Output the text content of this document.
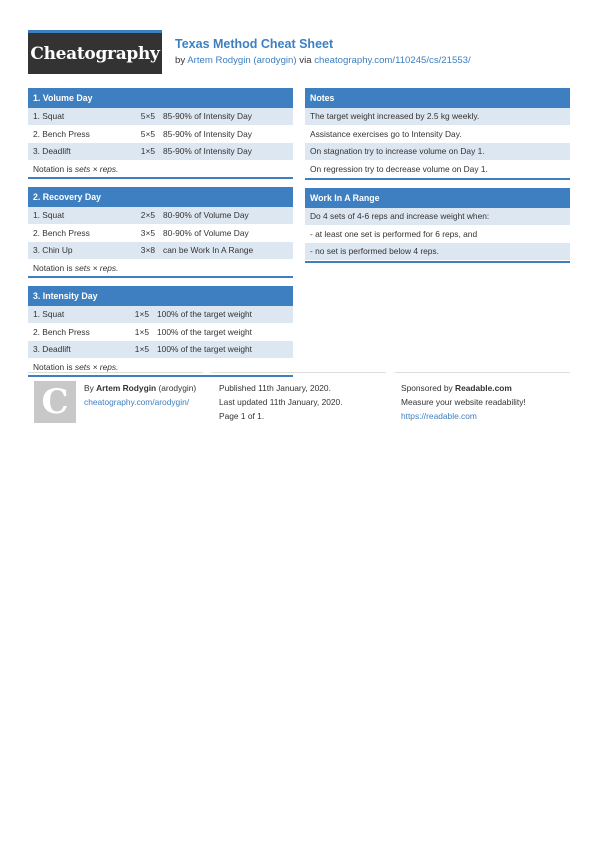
Cheatography Texas Method Cheat Sheet
by Artem Rodygin (arodygin) via cheatography.com/110245/cs/21553/
1. Volume Day
1. Squat	5×5 85-90% of Intensity Day
2. Bench Press	5×5 85-90% of Intensity Day
3. Deadlift	1×5 85-90% of Intensity Day
Notation is sets × reps.
2. Recovery Day
1. Squat	2×5 80-90% of Volume Day
2. Bench Press	3×5 80-90% of Volume Day
3. Chin Up	3×8 can be Work In A Range
Notation is sets × reps.
3. Intensity Day
1. Squat	1×5 100% of the target weight
2. Bench Press	1×5 100% of the target weight
3. Deadlift	1×5 100% of the target weight
Notation is sets × reps.
Notes
The target weight increased by 2.5 kg weekly.
Assistance exercises go to Intensity Day.
On stagnation try to increase volume on Day 1.
On regression try to decrease volume on Day 1.
Work In A Range
Do 4 sets of 4-6 reps and increase weight when:
- at least one set is performed for 6 reps, and
- no set is performed below 4 reps.
C By Artem Rodygin (arodygin)
cheatography.com/arodygin/
Published 11th January, 2020.
Last updated 11th January, 2020.
Page 1 of 1.
Sponsored by Readable.com
Measure your website readability!
https://readable.com
